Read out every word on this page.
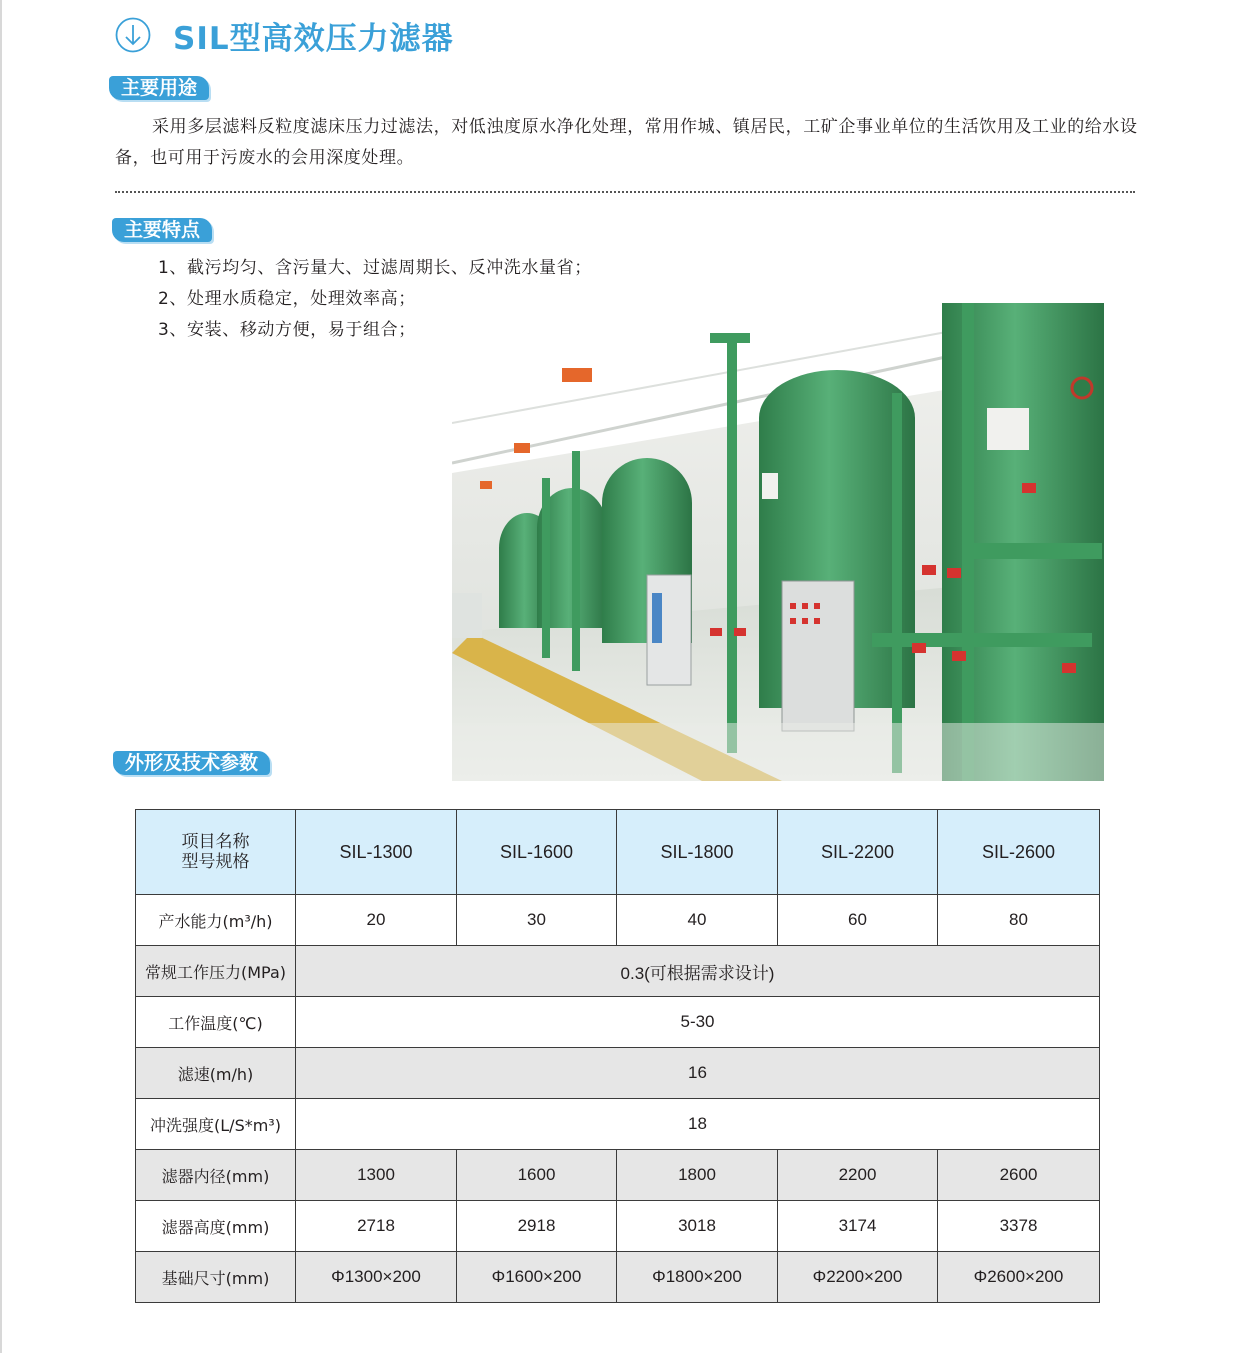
SIL型高效压力滤器
主要用途
采用多层滤料反粒度滤床压力过滤法，对低浊度原水净化处理，常用作城、镇居民，工矿企事业单位的生活饮用及工业的给水设备，也可用于污废水的会用深度处理。
主要特点
1、截污均匀、含污量大、过滤周期长、反冲洗水量省；
2、处理水质稳定，处理效率高；
3、安装、移动方便，易于组合；
外形及技术参数
项目名称
型号规格	SIL-1300	SIL-1600	SIL-1800	SIL-2200	SIL-2600
产水能力(m³/h)	20	30	40	60	80
常规工作压力(MPa)	0.3(可根据需求设计)				
工作温度(℃)	5-30				
滤速(m/h)	16				
冲洗强度(L/S*m³)	18				
滤器内径(mm)	1300	1600	1800	2200	2600
滤器高度(mm)	2718	2918	3018	3174	3378
基础尺寸(mm)	Φ1300×200	Φ1600×200	Φ1800×200	Φ2200×200	Φ2600×200
